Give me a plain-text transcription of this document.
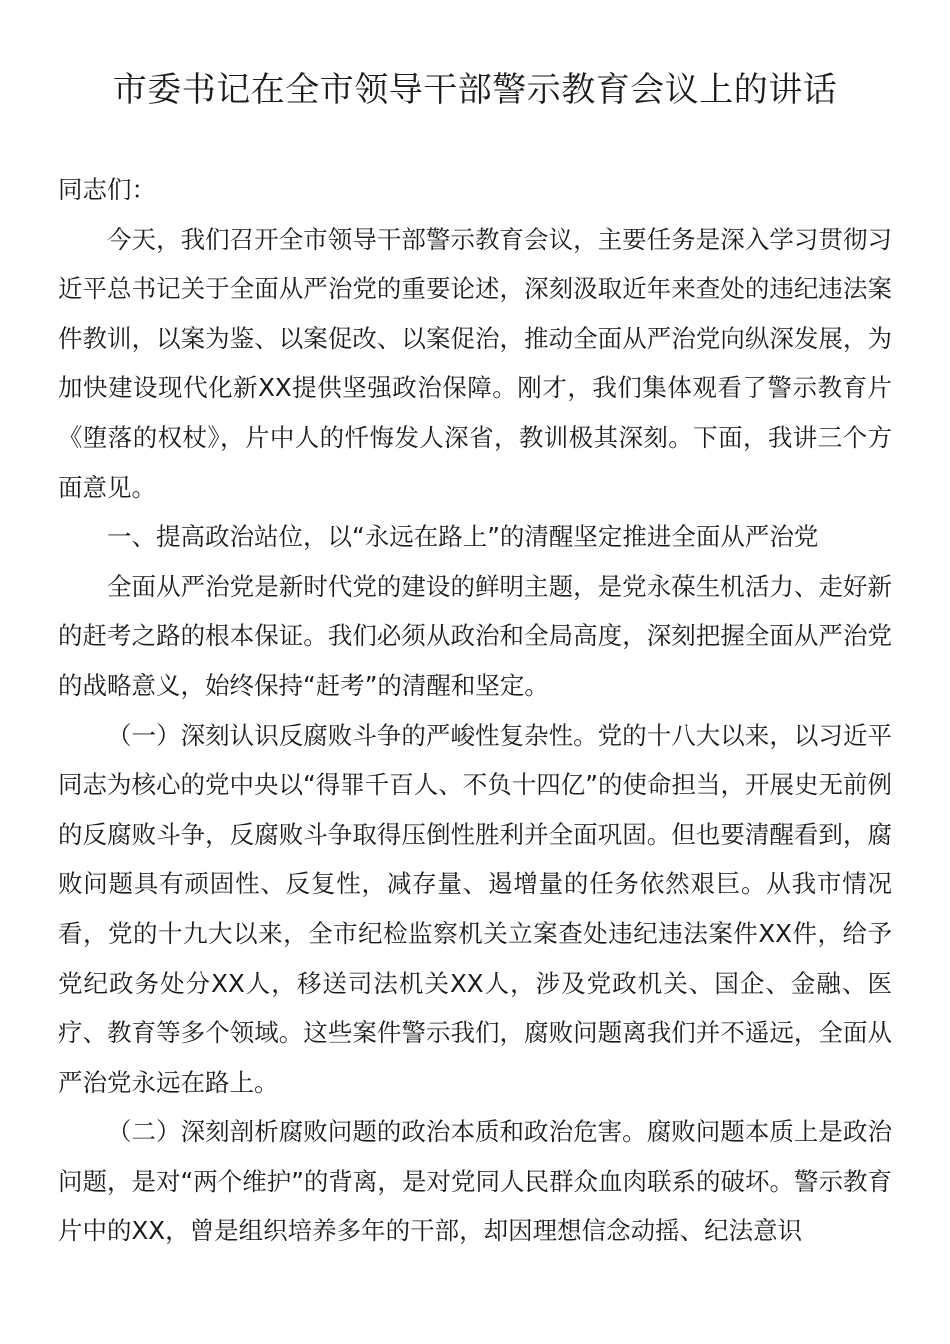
市委书记在全市领导干部警示教育会议上的讲话

同志们：

今天，我们召开全市领导干部警示教育会议，主要任务是深入学习贯彻习近平总书记关于全面从严治党的重要论述，深刻汲取近年来查处的违纪违法案件教训，以案为鉴、以案促改、以案促治，推动全面从严治党向纵深发展，为加快建设现代化新XX提供坚强政治保障。刚才，我们集体观看了警示教育片《堕落的权杖》，片中人的忏悔发人深省，教训极其深刻。下面，我讲三个方面意见。

一、提高政治站位，以“永远在路上”的清醒坚定推进全面从严治党

全面从严治党是新时代党的建设的鲜明主题，是党永葆生机活力、走好新的赶考之路的根本保证。我们必须从政治和全局高度，深刻把握全面从严治党的战略意义，始终保持“赶考”的清醒和坚定。

（一）深刻认识反腐败斗争的严峻性复杂性。党的十八大以来，以习近平同志为核心的党中央以“得罪千百人、不负十四亿”的使命担当，开展史无前例的反腐败斗争，反腐败斗争取得压倒性胜利并全面巩固。但也要清醒看到，腐败问题具有顽固性、反复性，减存量、遏增量的任务依然艰巨。从我市情况看，党的十九大以来，全市纪检监察机关立案查处违纪违法案件XX件，给予党纪政务处分XX人，移送司法机关XX人，涉及党政机关、国企、金融、医疗、教育等多个领域。这些案件警示我们，腐败问题离我们并不遥远，全面从严治党永远在路上。

（二）深刻剖析腐败问题的政治本质和政治危害。腐败问题本质上是政治问题，是对“两个维护”的背离，是对党同人民群众血肉联系的破坏。警示教育片中的XX，曾是组织培养多年的干部，却因理想信念动摇、纪法意识
